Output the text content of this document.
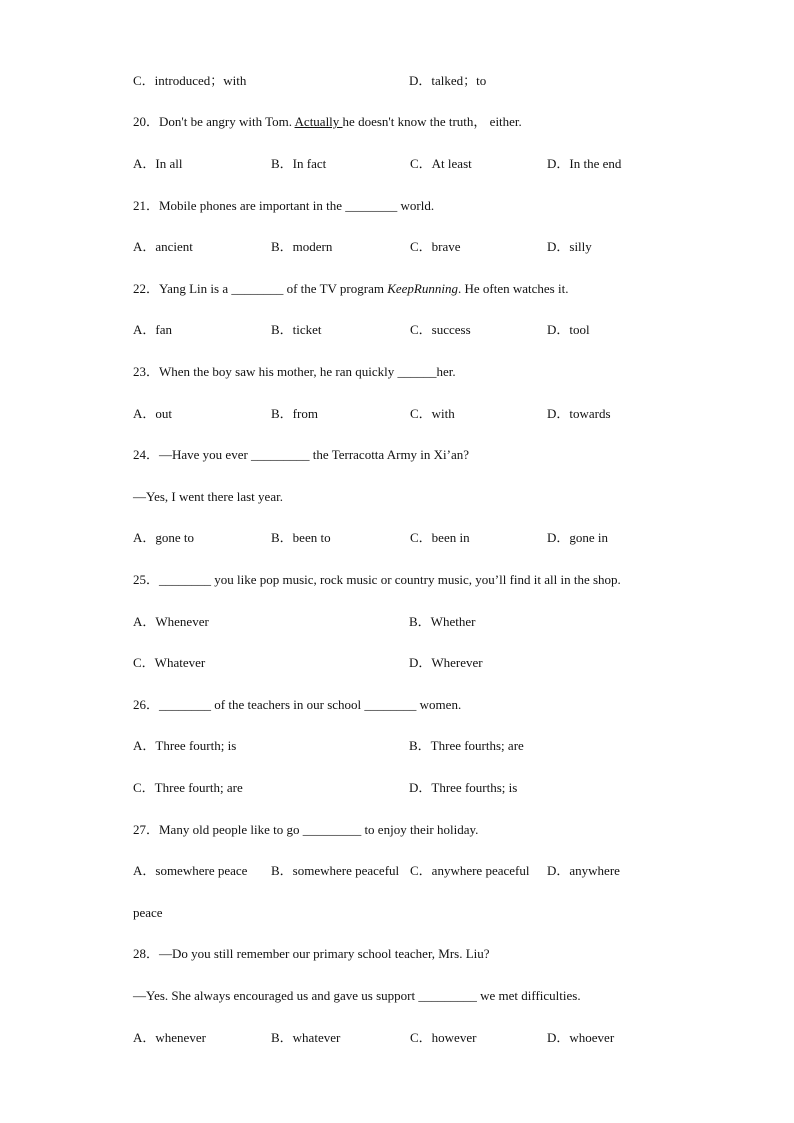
C．introduced；with	D．talked；to
20．Don't be angry with Tom. Actually he doesn't know the truth， either.
A．In all	B．In fact	C．At least	D．In the end
21．Mobile phones are important in the ________ world.
A．ancient	B．modern	C．brave	D．silly
22．Yang Lin is a ________ of the TV program KeepRunning. He often watches it.
A．fan	B．ticket	C．success	D．tool
23．When the boy saw his mother, he ran quickly ______her.
A．out	B．from	C．with	D．towards
24．—Have you ever _________ the Terracotta Army in Xi’an?
—Yes, I went there last year.
A．gone to	B．been to	C．been in	D．gone in
25．________ you like pop music, rock music or country music, you’ll find it all in the shop.
A．Whenever	B．Whether
C．Whatever	D．Wherever
26．________ of the teachers in our school ________ women.
A．Three fourth; is	B．Three fourths; are
C．Three fourth; are	D．Three fourths; is
27．Many old people like to go _________ to enjoy their holiday.
A．somewhere peace B．somewhere peaceful C．anywhere peaceful D．anywhere
peace
28．—Do you still remember our primary school teacher, Mrs. Liu?
—Yes. She always encouraged us and gave us support _________ we met difficulties.
A．whenever	B．whatever	C．however	D．whoever
